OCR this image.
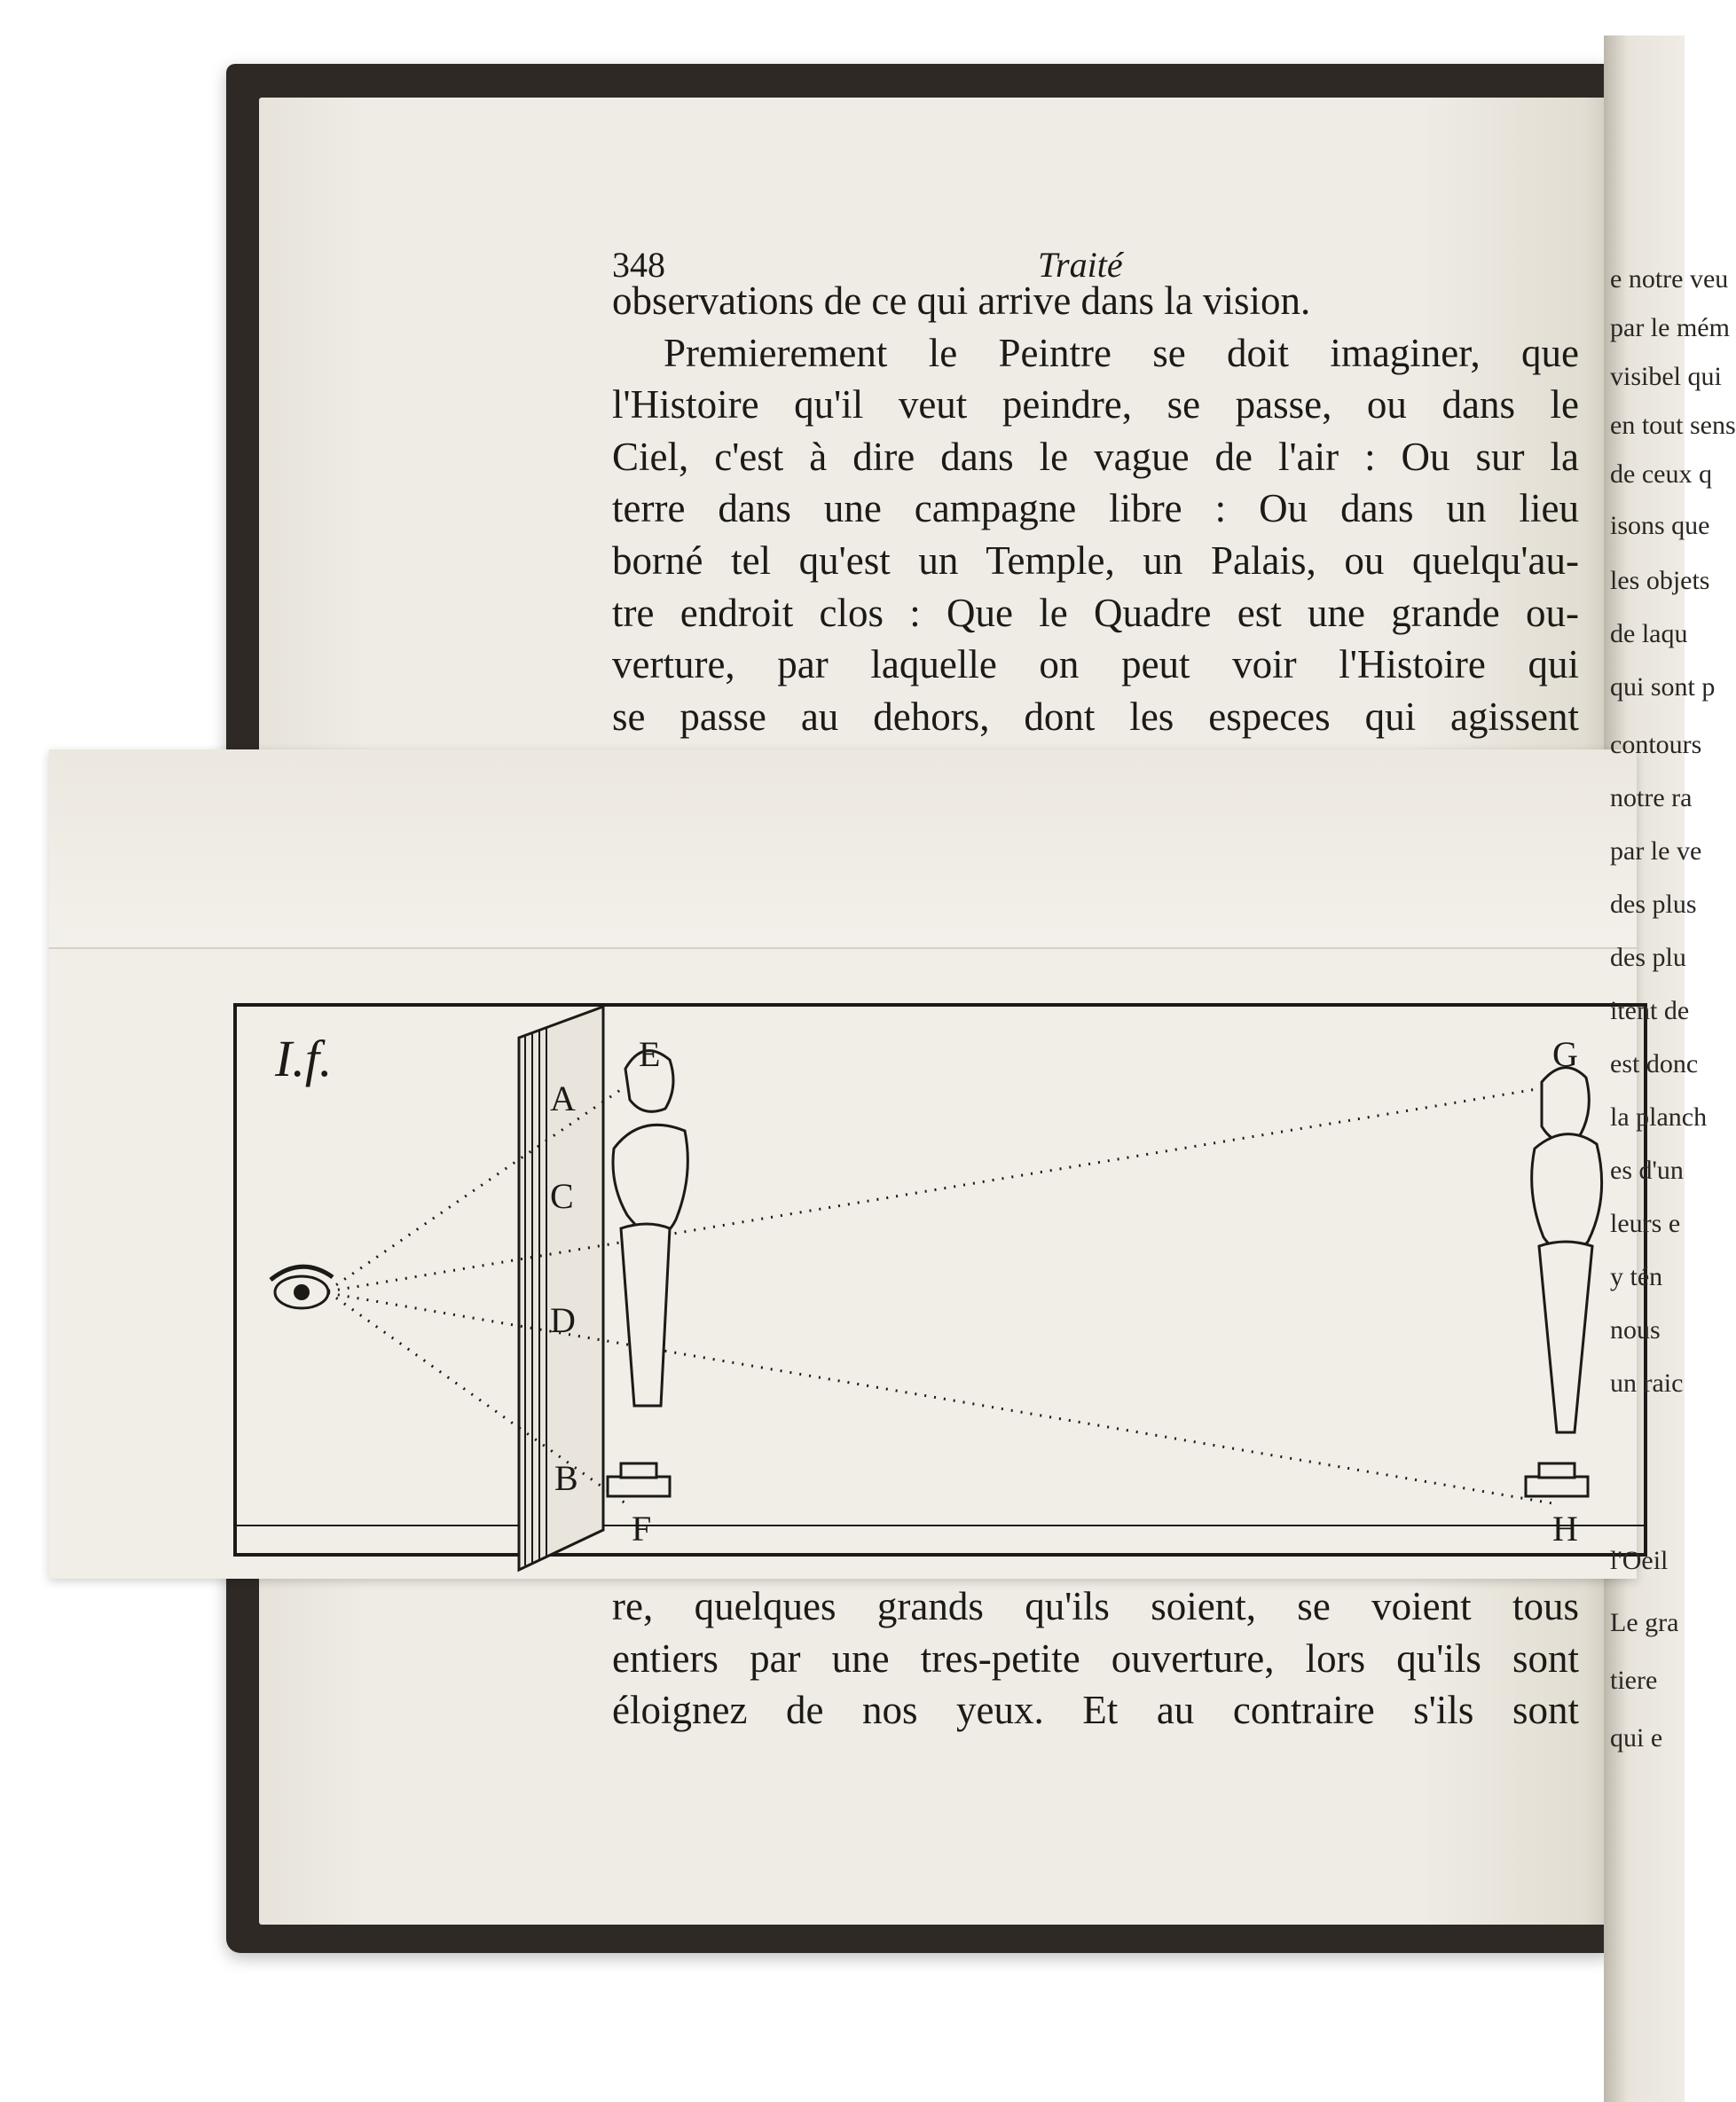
348	Traité
observations de ce qui arrive dans la vision.
Premierement le Peintre se doit imaginer, que
l'Histoire qu'il veut peindre, se passe, ou dans le
Ciel, c'est à dire dans le vague de l'air : Ou sur la
terre dans une campagne libre : Ou dans un lieu
borné tel qu'est un Temple, un Palais, ou quelqu'au-
tre endroit clos : Que le Quadre est une grande ou-
verture, par laquelle on peut voir l'Histoire qui
se passe au dehors, dont les especes qui agissent
I.f.
A
C
D
B
E
F
G
H
re, quelques grands qu'ils soient, se voient tous
entiers par une tres-petite ouverture, lors qu'ils sont
éloignez de nos yeux. Et au contraire s'ils sont
e notre veu
par le mém
visibel qui
en tout sens
de ceux q
isons que
les objets
de laqu
qui sont p
contours
notre ra
par le ve
des plus
des plu
itent de
est donc
la planch
es d'un
leurs e
y tén
nous
un raic
l'Oeil
Le gra
tiere
qui e
